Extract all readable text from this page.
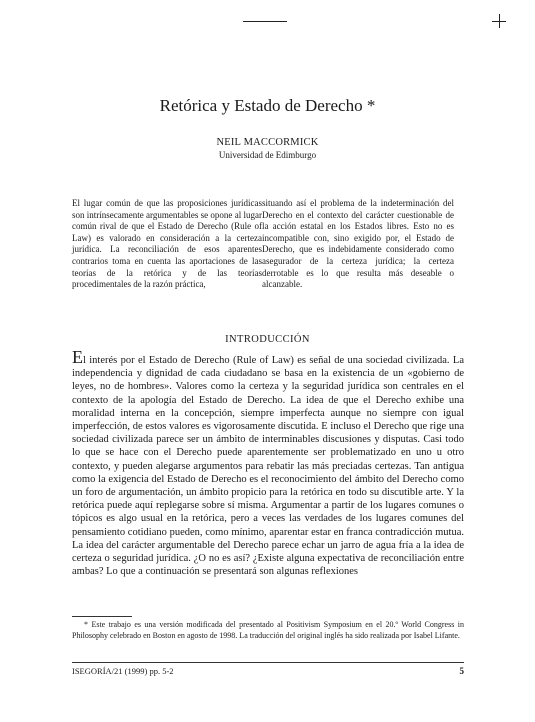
Retórica y Estado de Derecho *
NEIL MACCORMICK
Universidad de Edimburgo
El lugar común de que las proposiciones jurídicas son intrínsecamente argumentables se opone al lugar común rival de que el Estado de Derecho (Rule of Law) es valorado en consideración a la certeza jurídica. La reconciliación de esos aparentes contrarios toma en cuenta las aportaciones de las teorías de la retórica y de las teorías procedimentales de la razón práctica,
situando así el problema de la indeterminación del Derecho en el contexto del carácter cuestionable de la acción estatal en los Estados libres. Esto no es incompatible con, sino exigido por, el Estado de Derecho, que es indebidamente considerado como asegurador de la certeza jurídica; la certeza derrotable es lo que resulta más deseable o alcanzable.
INTRODUCCIÓN
El interés por el Estado de Derecho (Rule of Law) es señal de una sociedad civilizada. La independencia y dignidad de cada ciudadano se basa en la existencia de un «gobierno de leyes, no de hombres». Valores como la certeza y la seguridad jurídica son centrales en el contexto de la apología del Estado de Derecho. La idea de que el Derecho exhibe una moralidad interna en la concepción, siempre imperfecta aunque no siempre con igual imperfección, de estos valores es vigorosamente discutida. E incluso el Derecho que rige una sociedad civilizada parece ser un ámbito de interminables discusiones y disputas. Casi todo lo que se hace con el Derecho puede aparentemente ser problematizado en uno u otro contexto, y pueden alegarse argumentos para rebatir las más preciadas certezas. Tan antigua como la exigencia del Estado de Derecho es el reconocimiento del ámbito del Derecho como un foro de argumentación, un ámbito propicio para la retórica en todo su discutible arte. Y la retórica puede aquí replegarse sobre sí misma. Argumentar a partir de los lugares comunes o tópicos es algo usual en la retórica, pero a veces las verdades de los lugares comunes del pensamiento cotidiano pueden, como mínimo, aparentar estar en franca contradicción mutua. La idea del carácter argumentable del Derecho parece echar un jarro de agua fría a la idea de certeza o seguridad jurídica. ¿O no es así? ¿Existe alguna expectativa de reconciliación entre ambas? Lo que a continuación se presentará son algunas reflexiones
* Este trabajo es una versión modificada del presentado al Positivism Symposium en el 20.º World Congress in Philosophy celebrado en Boston en agosto de 1998. La traducción del original inglés ha sido realizada por Isabel Lifante.
ISEGORÍA/21 (1999) pp. 5-2	5
